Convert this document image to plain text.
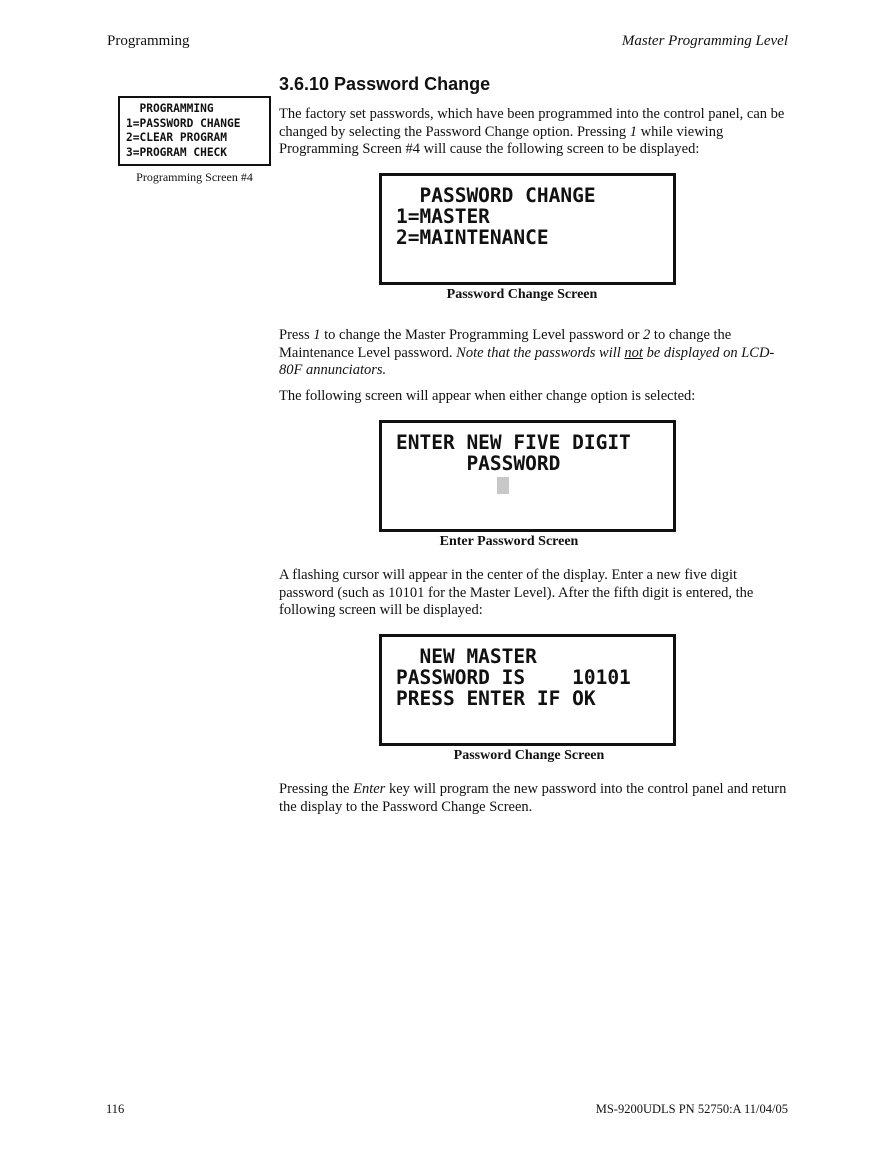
Programming	Master Programming Level
3.6.10 Password Change
PROGRAMMING
1=PASSWORD CHANGE
2=CLEAR PROGRAM
3=PROGRAM CHECK
Programming Screen #4

The factory set passwords, which have been programmed into the control panel, can be changed by selecting the Password Change option. Pressing 1 while viewing Programming Screen #4 will cause the following screen to be displayed:

PASSWORD CHANGE
1=MASTER
2=MAINTENANCE
Password Change Screen

Press 1 to change the Master Programming Level password or 2 to change the Maintenance Level password. Note that the passwords will not be displayed on LCD-80F annunciators.

The following screen will appear when either change option is selected:

ENTER NEW FIVE DIGIT
PASSWORD
Enter Password Screen

A flashing cursor will appear in the center of the display. Enter a new five digit password (such as 10101 for the Master Level). After the fifth digit is entered, the following screen will be displayed:

NEW MASTER
PASSWORD IS    10101
PRESS ENTER IF OK
Password Change Screen

Pressing the Enter key will program the new password into the control panel and return the display to the Password Change Screen.

116	MS-9200UDLS PN 52750:A 11/04/05
